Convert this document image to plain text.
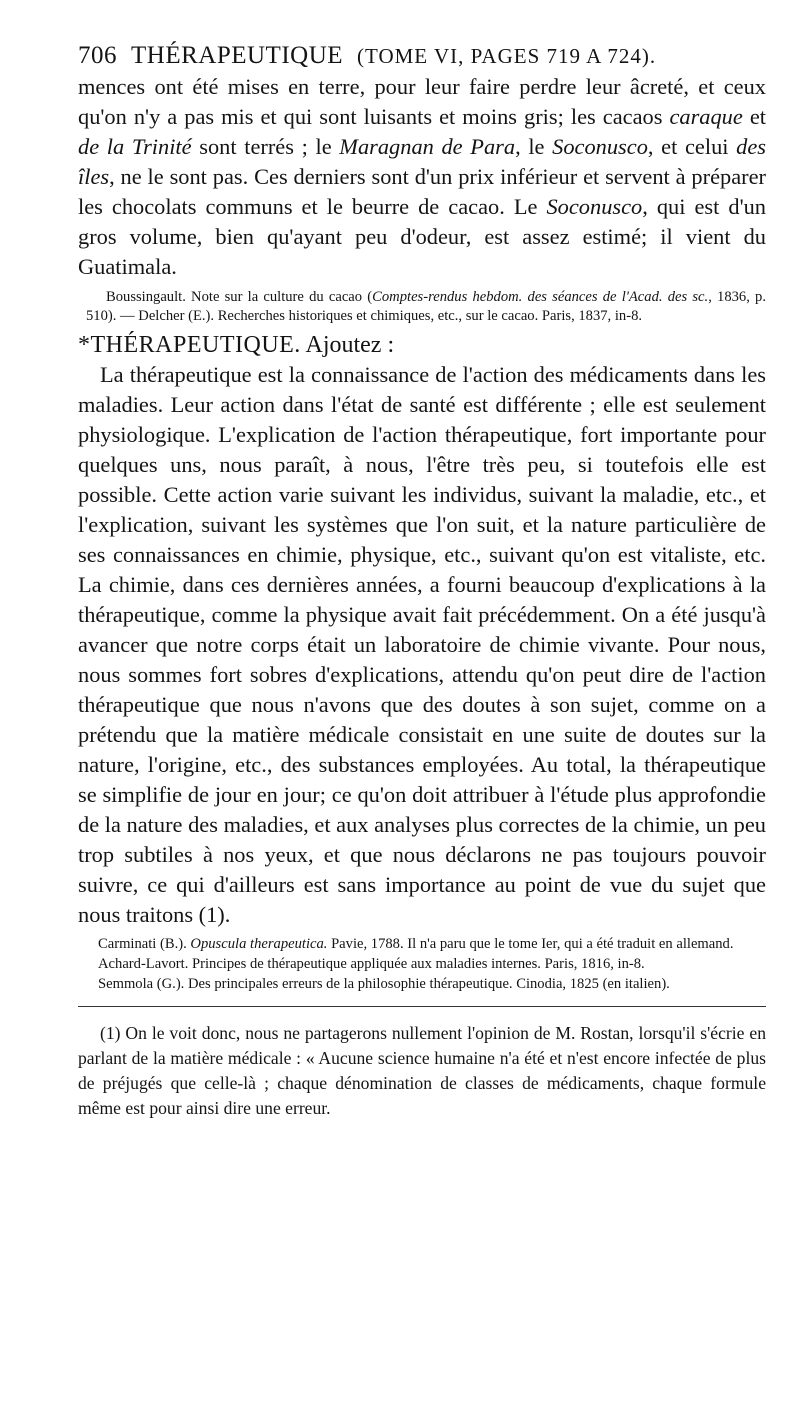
706 THÉRAPEUTIQUE (TOME VI, PAGES 719 A 724).

mences ont été mises en terre, pour leur faire perdre leur âcreté, et ceux qu'on n'y a pas mis et qui sont luisants et moins gris; les cacaos caraque et de la Trinité sont terrés ; le Maragnan de Para, le Soconusco, et celui des îles, ne le sont pas. Ces derniers sont d'un prix inférieur et servent à préparer les chocolats communs et le beurre de cacao. Le Soconusco, qui est d'un gros volume, bien qu'ayant peu d'odeur, est assez estimé; il vient du Guatimala.

Boussingault. Note sur la culture du cacao (Comptes-rendus hebdom. des séances de l'Acad. des sc., 1836, p. 510). — Delcher (E.). Recherches historiques et chimiques, etc., sur le cacao. Paris, 1837, in-8.

*THÉRAPEUTIQUE. Ajoutez :

La thérapeutique est la connaissance de l'action des médicaments dans les maladies. Leur action dans l'état de santé est différente ; elle est seulement physiologique. L'explication de l'action thérapeutique, fort importante pour quelques uns, nous paraît, à nous, l'être très peu, si toutefois elle est possible. Cette action varie suivant les individus, suivant la maladie, etc., et l'explication, suivant les systèmes que l'on suit, et la nature particulière de ses connaissances en chimie, physique, etc., suivant qu'on est vitaliste, etc. La chimie, dans ces dernières années, a fourni beaucoup d'explications à la thérapeutique, comme la physique avait fait précédemment. On a été jusqu'à avancer que notre corps était un laboratoire de chimie vivante. Pour nous, nous sommes fort sobres d'explications, attendu qu'on peut dire de l'action thérapeutique que nous n'avons que des doutes à son sujet, comme on a prétendu que la matière médicale consistait en une suite de doutes sur la nature, l'origine, etc., des substances employées. Au total, la thérapeutique se simplifie de jour en jour; ce qu'on doit attribuer à l'étude plus approfondie de la nature des maladies, et aux analyses plus correctes de la chimie, un peu trop subtiles à nos yeux, et que nous déclarons ne pas toujours pouvoir suivre, ce qui d'ailleurs est sans importance au point de vue du sujet que nous traitons (1).

Carminati (B.). Opuscula therapeutica. Pavie, 1788. Il n'a paru que le tome Ier, qui a été traduit en allemand.

Achard-Lavort. Principes de thérapeutique appliquée aux maladies internes. Paris, 1816, in-8.

Semmola (G.). Des principales erreurs de la philosophie thérapeutique. Cinodia, 1825 (en italien).

(1) On le voit donc, nous ne partagerons nullement l'opinion de M. Rostan, lorsqu'il s'écrie en parlant de la matière médicale : « Aucune science humaine n'a été et n'est encore infectée de plus de préjugés que celle-là ; chaque dénomination de classes de médicaments, chaque formule même est pour ainsi dire une erreur.
